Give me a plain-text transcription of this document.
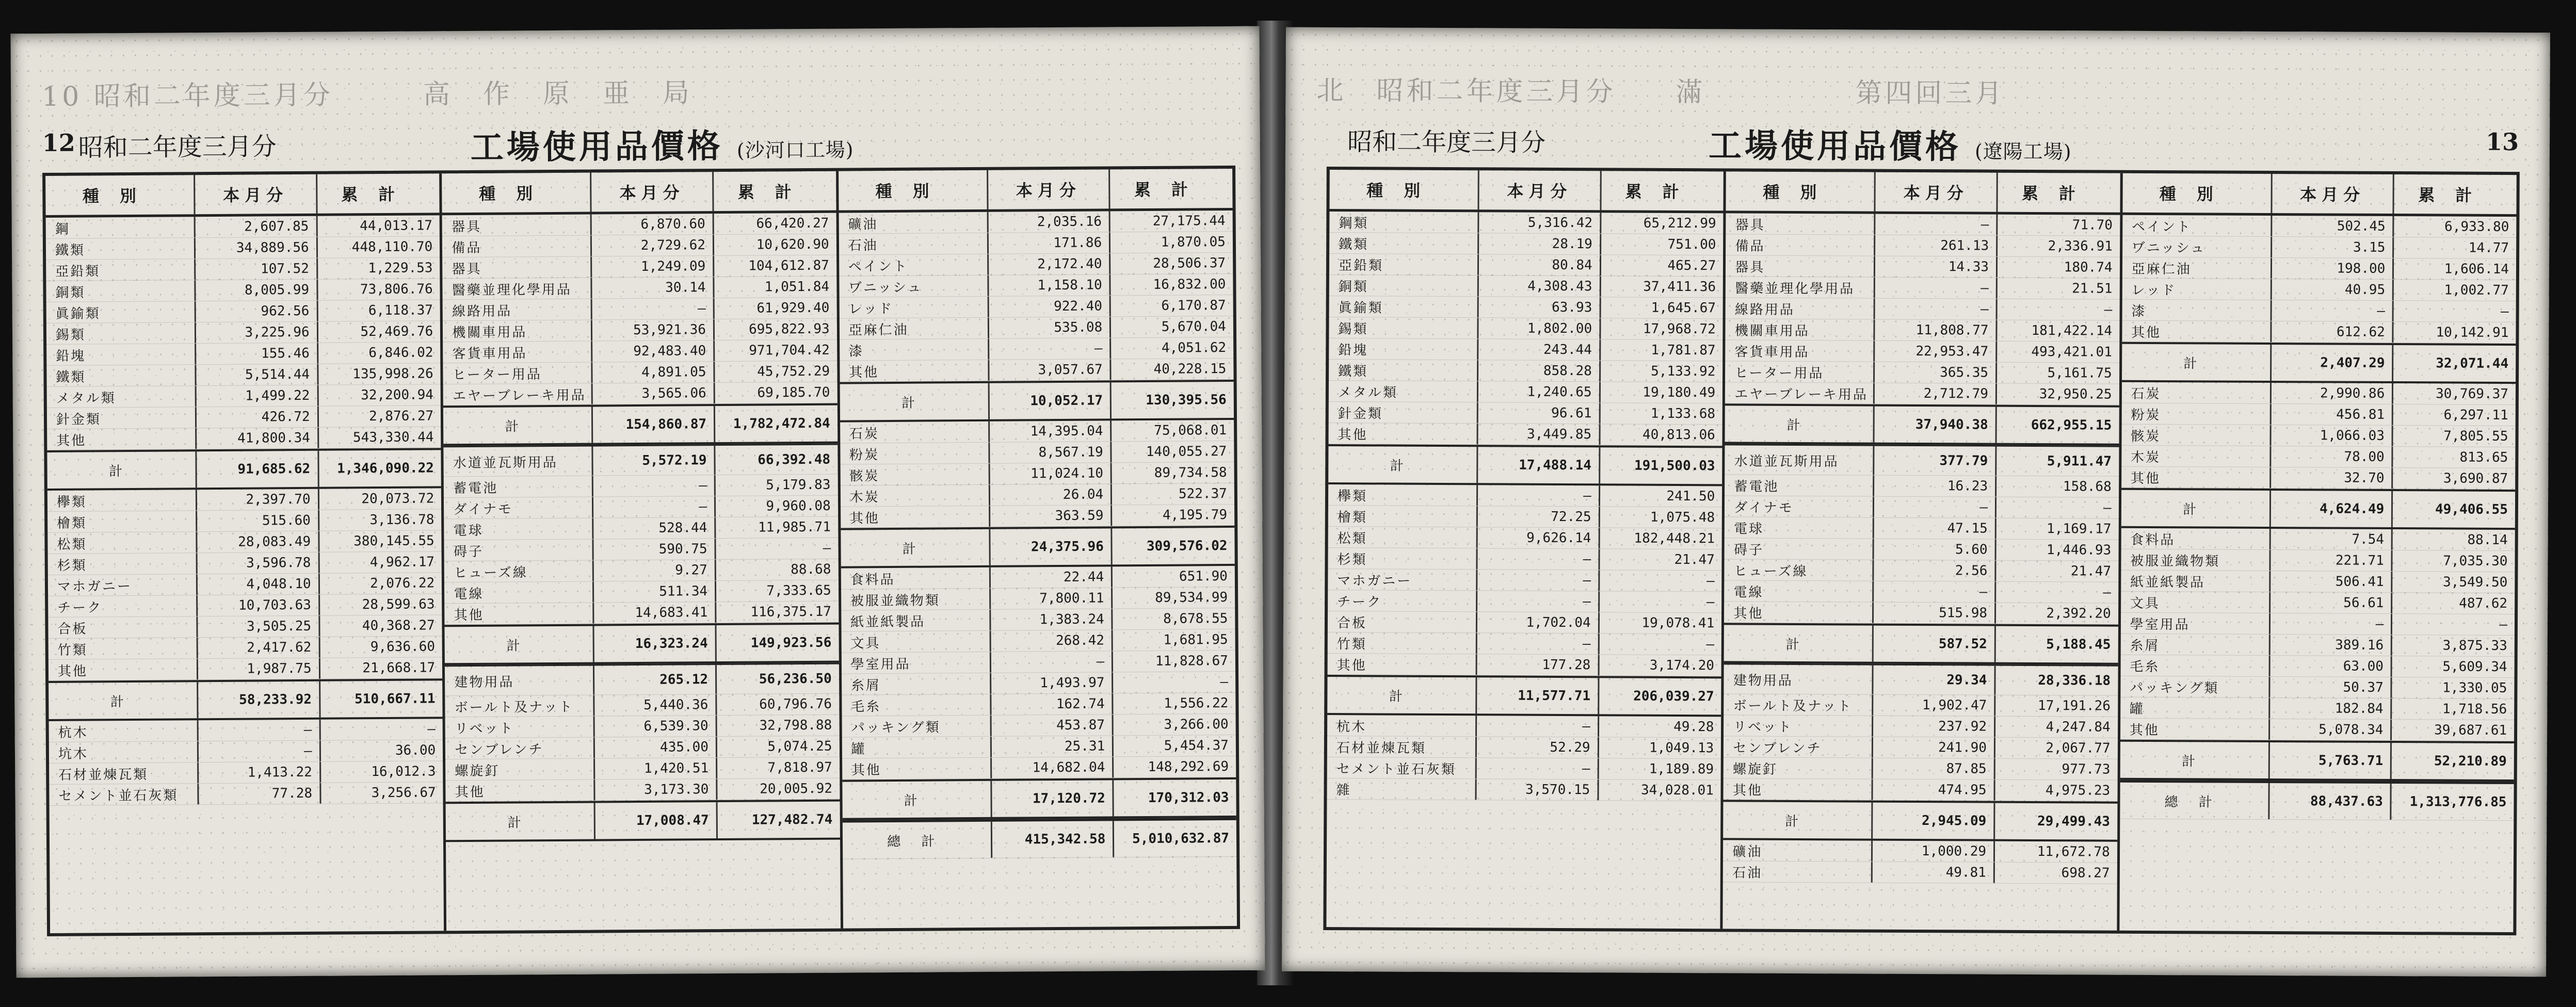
10 昭和二年度三月分　　　高　作　原　亜　局
12 昭和二年度三月分	工場使用品價格 (沙河口工場)
種別	本月分	累計
鋼	2,607.85	44,013.17
鐵類	34,889.56	448,110.70
亞鉛類	107.52	1,229.53
銅類	8,005.99	73,806.76
眞鍮類	962.56	6,118.37
錫類	3,225.96	52,469.76
鉛塊	155.46	6,846.02
鐵類	5,514.44	135,998.26
メタル類	1,499.22	32,200.94
針金類	426.72	2,876.27
其他	41,800.34	543,330.44
計	91,685.62	1,346,090.22
欅類	2,397.70	20,073.72
檜類	515.60	3,136.78
松類	28,083.49	380,145.55
杉類	3,596.78	4,962.17
マホガニー	4,048.10	2,076.22
チーク	10,703.63	28,599.63
合板	3,505.25	40,368.27
竹類	2,417.62	9,636.60
其他	1,987.75	21,668.17
計	58,233.92	510,667.11
杭木	—	—
坑木	—	36.00
石材並煉瓦類	1,413.22	16,012.3
セメント並石灰類	77.28	3,256.67
種別	本月分	累計
器具	6,870.60	66,420.27
備品	2,729.62	10,620.90
器具	1,249.09	104,612.87
醫藥並理化學用品	30.14	1,051.84
線路用品	—	61,929.40
機關車用品	53,921.36	695,822.93
客貨車用品	92,483.40	971,704.42
ヒーター用品	4,891.05	45,752.29
エヤーブレーキ用品	3,565.06	69,185.70
計	154,860.87	1,782,472.84
水道並瓦斯用品	5,572.19	66,392.48
蓄電池	—	5,179.83
ダイナモ	—	9,960.08
電球	528.44	11,985.71
碍子	590.75	—
ヒューズ線	9.27	88.68
電線	511.34	7,333.65
其他	14,683.41	116,375.17
計	16,323.24	149,923.56
建物用品	265.12	56,236.50
ボールト及ナット	5,440.36	60,796.76
リベット	6,539.30	32,798.88
センブレンチ	435.00	5,074.25
螺旋釘	1,420.51	7,818.97
其他	3,173.30	20,005.92
計	17,008.47	127,482.74
種別	本月分	累計
礦油	2,035.16	27,175.44
石油	171.86	1,870.05
ペイント	2,172.40	28,506.37
ヷニッシュ	1,158.10	16,832.00
レッド	922.40	6,170.87
亞麻仁油	535.08	5,670.04
漆	—	4,051.62
其他	3,057.67	40,228.15
計	10,052.17	130,395.56
石炭	14,395.04	75,068.01
粉炭	8,567.19	140,055.27
骸炭	11,024.10	89,734.58
木炭	26.04	522.37
其他	363.59	4,195.79
計	24,375.96	309,576.02
食料品	22.44	651.90
被服並織物類	7,800.11	89,534.99
紙並紙製品	1,383.24	8,678.55
文具	268.42	1,681.95
學室用品	—	11,828.67
糸屑	1,493.97	—
毛糸	162.74	1,556.22
パッキング類	453.87	3,266.00
罐	25.31	5,454.37
其他	14,682.04	148,292.69
計	17,120.72	170,312.03
總計	415,342.58	5,010,632.87
北　昭和二年度三月分　　滿　　　　　第四回三月
昭和二年度三月分	工場使用品價格 (遼陽工場)	13
種別	本月分	累計
鋼類	5,316.42	65,212.99
鐵類	28.19	751.00
亞鉛類	80.84	465.27
銅類	4,308.43	37,411.36
眞鍮類	63.93	1,645.67
錫類	1,802.00	17,968.72
鉛塊	243.44	1,781.87
鐵類	858.28	5,133.92
メタル類	1,240.65	19,180.49
針金類	96.61	1,133.68
其他	3,449.85	40,813.06
計	17,488.14	191,500.03
欅類	—	241.50
檜類	72.25	1,075.48
松類	9,626.14	182,448.21
杉類	—	21.47
マホガニー	—	—
チーク	—	—
合板	1,702.04	19,078.41
竹類	—	—
其他	177.28	3,174.20
計	11,577.71	206,039.27
杭木	—	49.28
石材並煉瓦類	52.29	1,049.13
セメント並石灰類	—	1,189.89
雜	3,570.15	34,028.01
種別	本月分	累計
器具	—	71.70
備品	261.13	2,336.91
器具	14.33	180.74
醫藥並理化學用品	—	21.51
線路用品	—	—
機關車用品	11,808.77	181,422.14
客貨車用品	22,953.47	493,421.01
ヒーター用品	365.35	5,161.75
エヤーブレーキ用品	2,712.79	32,950.25
計	37,940.38	662,955.15
水道並瓦斯用品	377.79	5,911.47
蓄電池	16.23	158.68
ダイナモ	—	—
電球	47.15	1,169.17
碍子	5.60	1,446.93
ヒューズ線	2.56	21.47
電線	—	—
其他	515.98	2,392.20
計	587.52	5,188.45
建物用品	29.34	28,336.18
ボールト及ナット	1,902.47	17,191.26
リベット	237.92	4,247.84
センブレンチ	241.90	2,067.77
螺旋釘	87.85	977.73
其他	474.95	4,975.23
計	2,945.09	29,499.43
礦油	1,000.29	11,672.78
石油	49.81	698.27
種別	本月分	累計
ペイント	502.45	6,933.80
ヷニッシュ	3.15	14.77
亞麻仁油	198.00	1,606.14
レッド	40.95	1,002.77
漆	—	—
其他	612.62	10,142.91
計	2,407.29	32,071.44
石炭	2,990.86	30,769.37
粉炭	456.81	6,297.11
骸炭	1,066.03	7,805.55
木炭	78.00	813.65
其他	32.70	3,690.87
計	4,624.49	49,406.55
食料品	7.54	88.14
被服並織物類	221.71	7,035.30
紙並紙製品	506.41	3,549.50
文具	56.61	487.62
學室用品	—	—
糸屑	389.16	3,875.33
毛糸	63.00	5,609.34
パッキング類	50.37	1,330.05
罐	182.84	1,718.56
其他	5,078.34	39,687.61
計	5,763.71	52,210.89
總計	88,437.63	1,313,776.85
